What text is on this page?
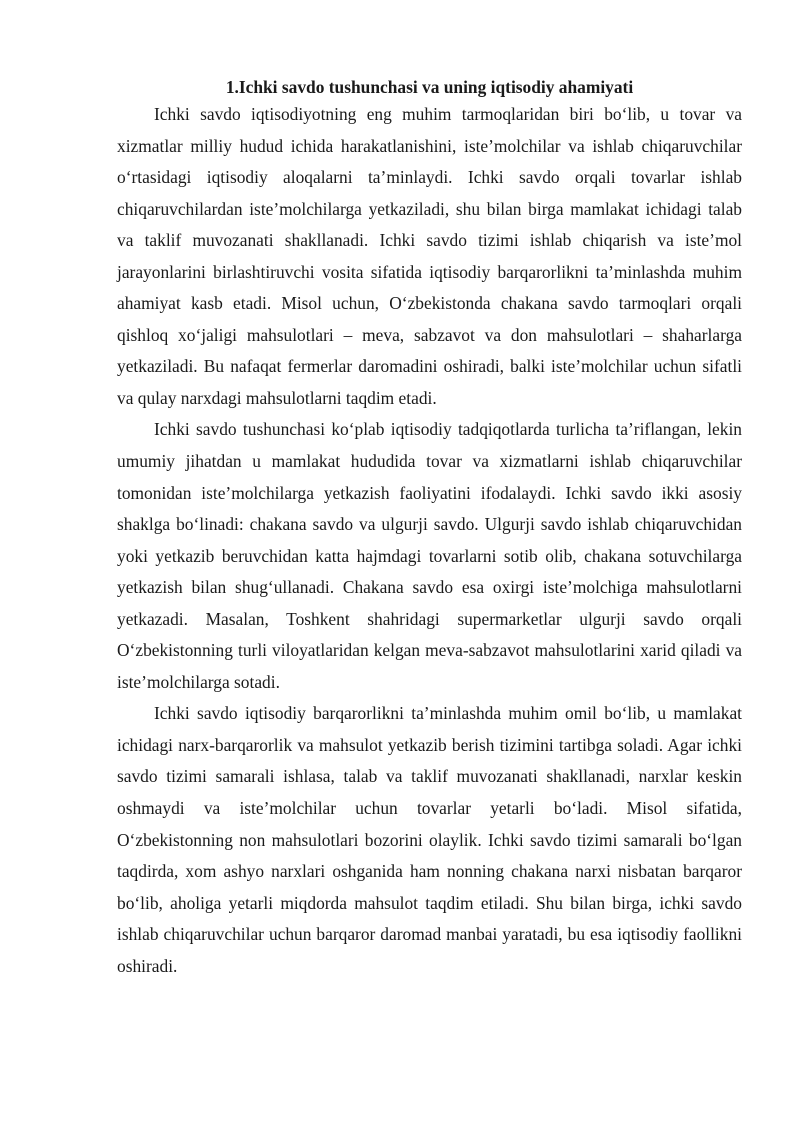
1.Ichki savdo tushunchasi va uning iqtisodiy ahamiyati

Ichki savdo iqtisodiyotning eng muhim tarmoqlaridan biri bo‘lib, u tovar va xizmatlar milliy hudud ichida harakatlanishini, iste’molchilar va ishlab chiqaruvchilar o‘rtasidagi iqtisodiy aloqalarni ta’minlaydi. Ichki savdo orqali tovarlar ishlab chiqaruvchilardan iste’molchilarga yetkaziladi, shu bilan birga mamlakat ichidagi talab va taklif muvozanati shakllanadi. Ichki savdo tizimi ishlab chiqarish va iste’mol jarayonlarini birlashtiruvchi vosita sifatida iqtisodiy barqarorlikni ta’minlashda muhim ahamiyat kasb etadi. Misol uchun, O‘zbekistonda chakana savdo tarmoqlari orqali qishloq xo‘jaligi mahsulotlari – meva, sabzavot va don mahsulotlari – shaharlarga yetkaziladi. Bu nafaqat fermerlar daromadini oshiradi, balki iste’molchilar uchun sifatli va qulay narxdagi mahsulotlarni taqdim etadi.

Ichki savdo tushunchasi ko‘plab iqtisodiy tadqiqotlarda turlicha ta’riflangan, lekin umumiy jihatdan u mamlakat hududida tovar va xizmatlarni ishlab chiqaruvchilar tomonidan iste’molchilarga yetkazish faoliyatini ifodalaydi. Ichki savdo ikki asosiy shaklga bo‘linadi: chakana savdo va ulgurji savdo. Ulgurji savdo ishlab chiqaruvchidan yoki yetkazib beruvchidan katta hajmdagi tovarlarni sotib olib, chakana sotuvchilarga yetkazish bilan shug‘ullanadi. Chakana savdo esa oxirgi iste’molchiga mahsulotlarni yetkazadi. Masalan, Toshkent shahridagi supermarketlar ulgurji savdo orqali O‘zbekistonning turli viloyatlaridan kelgan meva-sabzavot mahsulotlarini xarid qiladi va iste’molchilarga sotadi.

Ichki savdo iqtisodiy barqarorlikni ta’minlashda muhim omil bo‘lib, u mamlakat ichidagi narx-barqarorlik va mahsulot yetkazib berish tizimini tartibga soladi. Agar ichki savdo tizimi samarali ishlasa, talab va taklif muvozanati shakllanadi, narxlar keskin oshmaydi va iste’molchilar uchun tovarlar yetarli bo‘ladi. Misol sifatida, O‘zbekistonning non mahsulotlari bozorini olaylik. Ichki savdo tizimi samarali bo‘lgan taqdirda, xom ashyo narxlari oshganida ham nonning chakana narxi nisbatan barqaror bo‘lib, aholiga yetarli miqdorda mahsulot taqdim etiladi. Shu bilan birga, ichki savdo ishlab chiqaruvchilar uchun barqaror daromad manbai yaratadi, bu esa iqtisodiy faollikni oshiradi.
